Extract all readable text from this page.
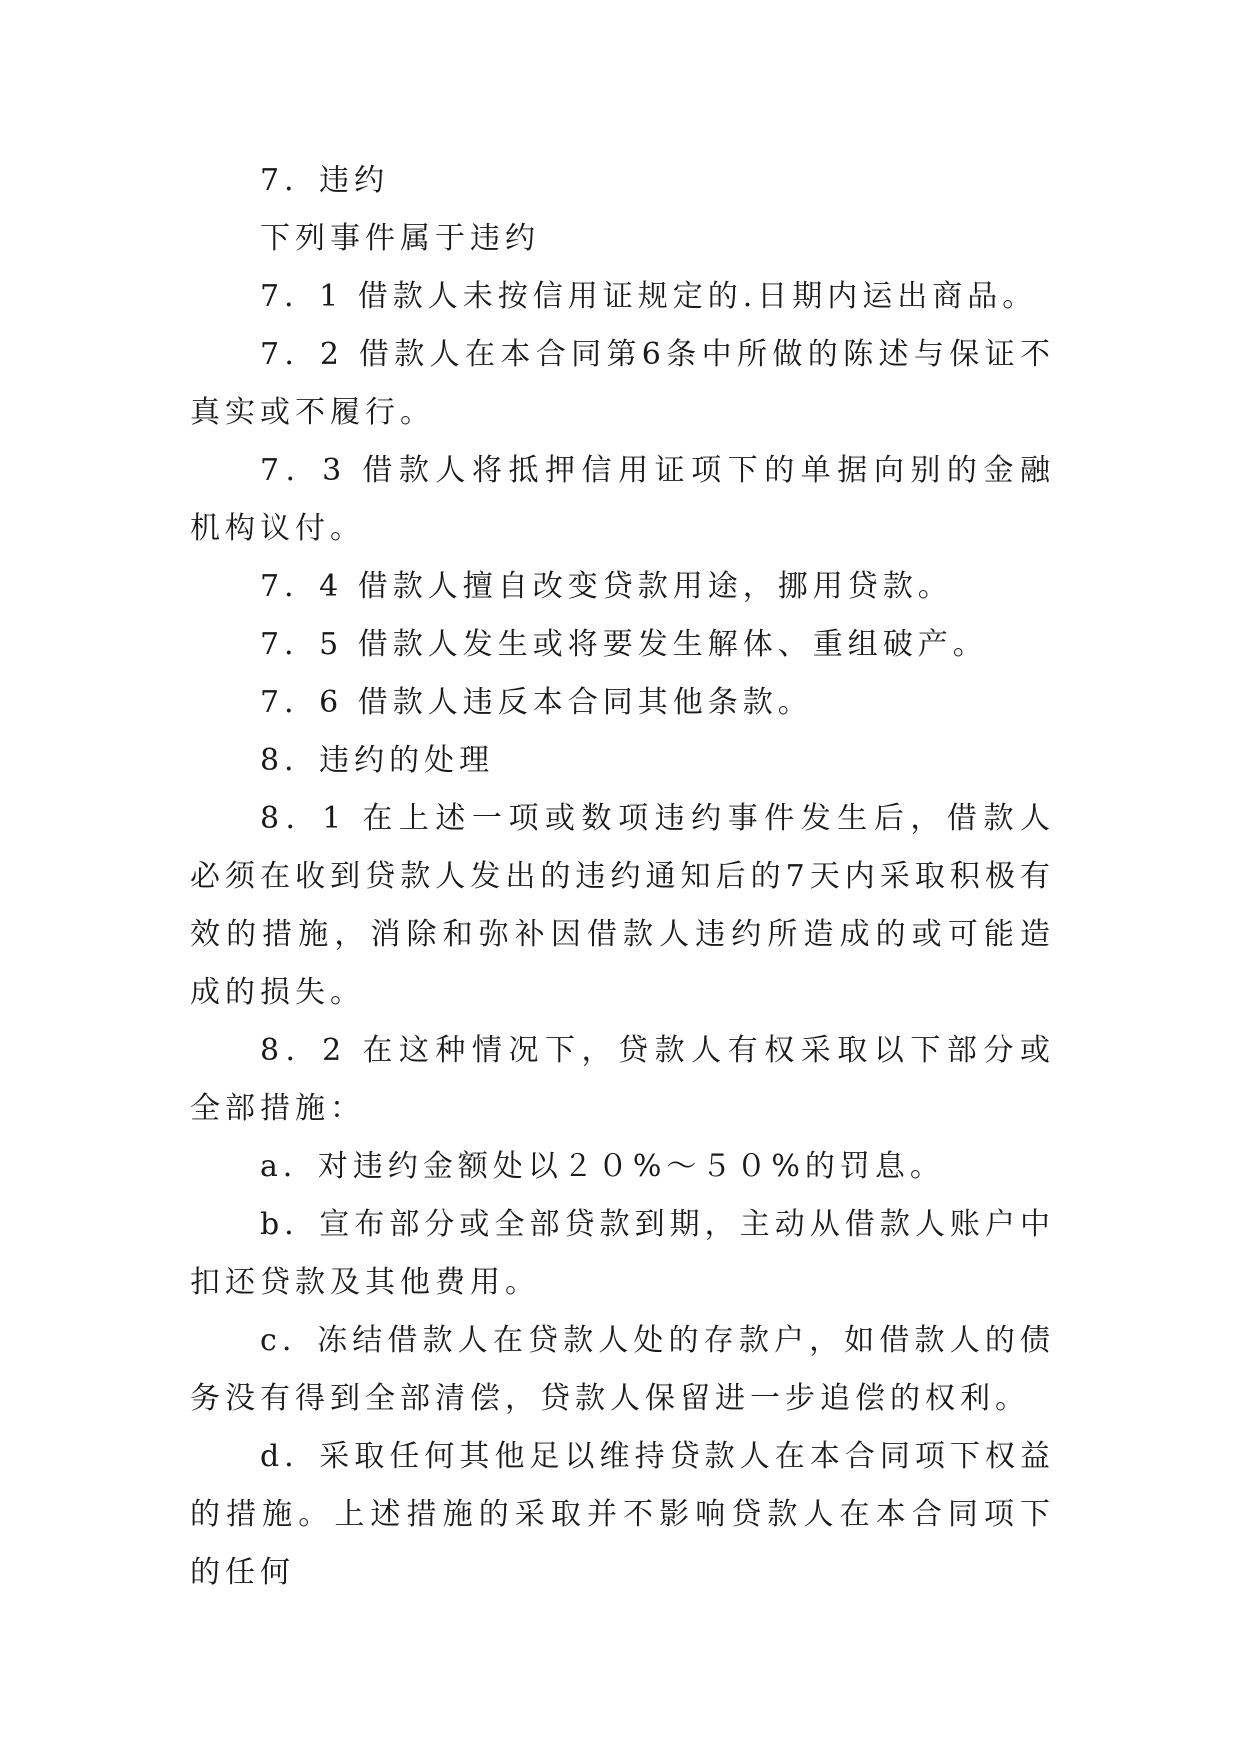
7．违约

下列事件属于违约

7．1 借款人未按信用证规定的.日期内运出商品。

7．2 借款人在本合同第6条中所做的陈述与保证不真实或不履行。

7．3 借款人将抵押信用证项下的单据向别的金融机构议付。

7．4 借款人擅自改变贷款用途，挪用贷款。

7．5 借款人发生或将要发生解体、重组破产。

7．6 借款人违反本合同其他条款。

8．违约的处理

8．1 在上述一项或数项违约事件发生后，借款人必须在收到贷款人发出的违约通知后的7天内采取积极有效的措施，消除和弥补因借款人违约所造成的或可能造成的损失。

8．2 在这种情况下，贷款人有权采取以下部分或全部措施：

a．对违约金额处以２０%～５０%的罚息。

b．宣布部分或全部贷款到期，主动从借款人账户中扣还贷款及其他费用。

c．冻结借款人在贷款人处的存款户，如借款人的债务没有得到全部清偿，贷款人保留进一步追偿的权利。

d．采取任何其他足以维持贷款人在本合同项下权益的措施。上述措施的采取并不影响贷款人在本合同项下的任何
